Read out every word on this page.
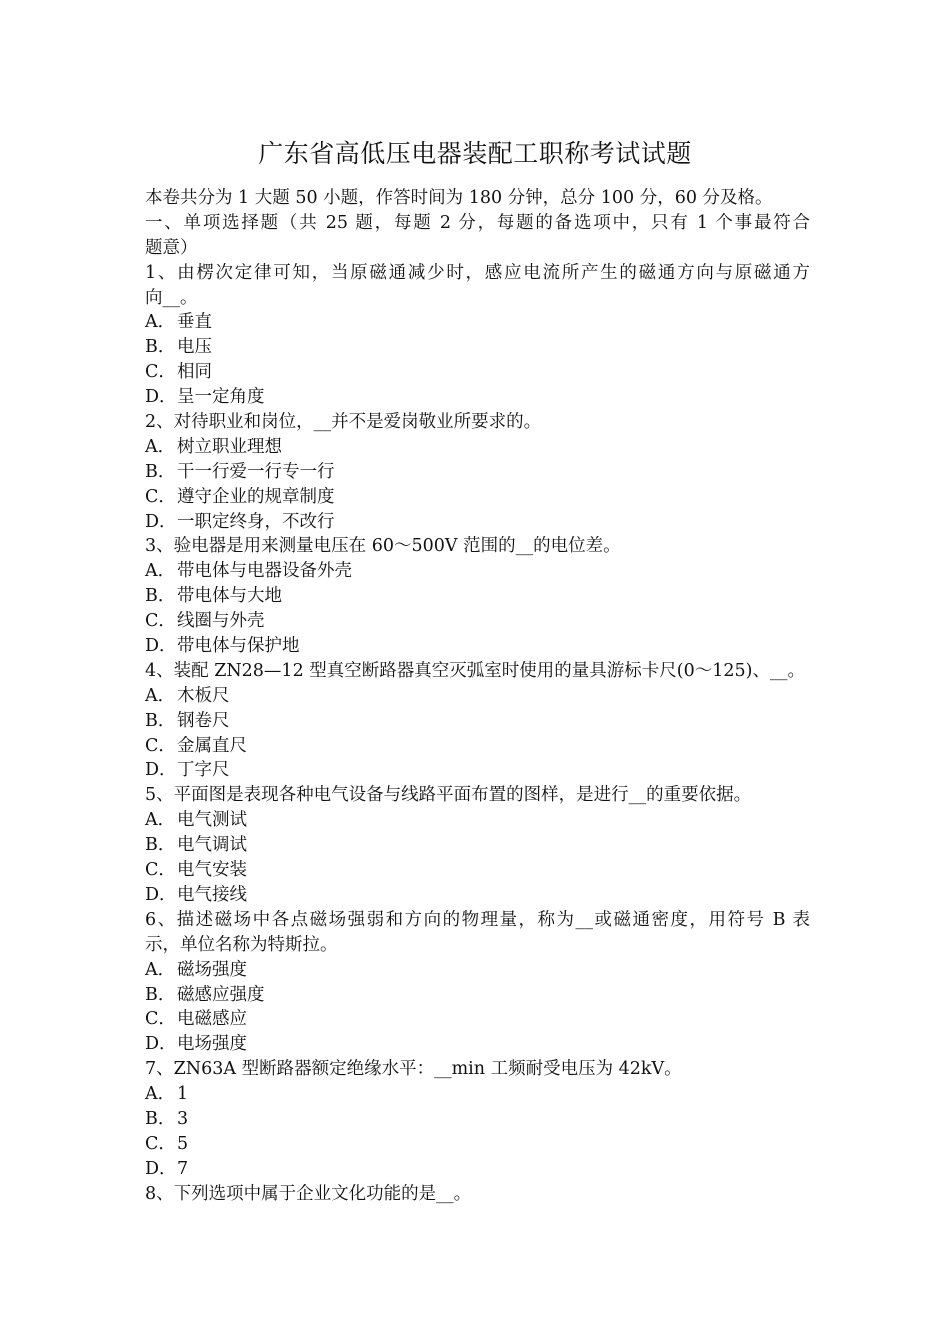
广东省高低压电器装配工职称考试试题
本卷共分为 1 大题 50 小题，作答时间为 180 分钟，总分 100 分，60 分及格。
一、单项选择题（共 25 题，每题 2 分，每题的备选项中，只有 1 个事最符合
题意）
1、由楞次定律可知，当原磁通减少时，感应电流所产生的磁通方向与原磁通方
向__。
A． 垂直
B．电压
C．相同
D．呈一定角度
2、对待职业和岗位，__并不是爱岗敬业所要求的。
A． 树立职业理想
B．干一行爱一行专一行
C．遵守企业的规章制度
D．一职定终身，不改行
3、验电器是用来测量电压在 60～500V 范围的__的电位差。
A． 带电体与电器设备外壳
B．带电体与大地
C．线圈与外壳
D．带电体与保护地
4、装配 ZN28—12 型真空断路器真空灭弧室时使用的量具游标卡尺(0～125)、__。
A． 木板尺
B．钢卷尺
C．金属直尺
D．丁字尺
5、平面图是表现各种电气设备与线路平面布置的图样，是进行__的重要依据。
A． 电气测试
B．电气调试
C．电气安装
D．电气接线
6、描述磁场中各点磁场强弱和方向的物理量，称为__或磁通密度，用符号 B 表
示，单位名称为特斯拉。
A． 磁场强度
B．磁感应强度
C．电磁感应
D．电场强度
7、ZN63A 型断路器额定绝缘水平：__min 工频耐受电压为 42kV。
A． 1
B．3
C．5
D．7
8、下列选项中属于企业文化功能的是__。
